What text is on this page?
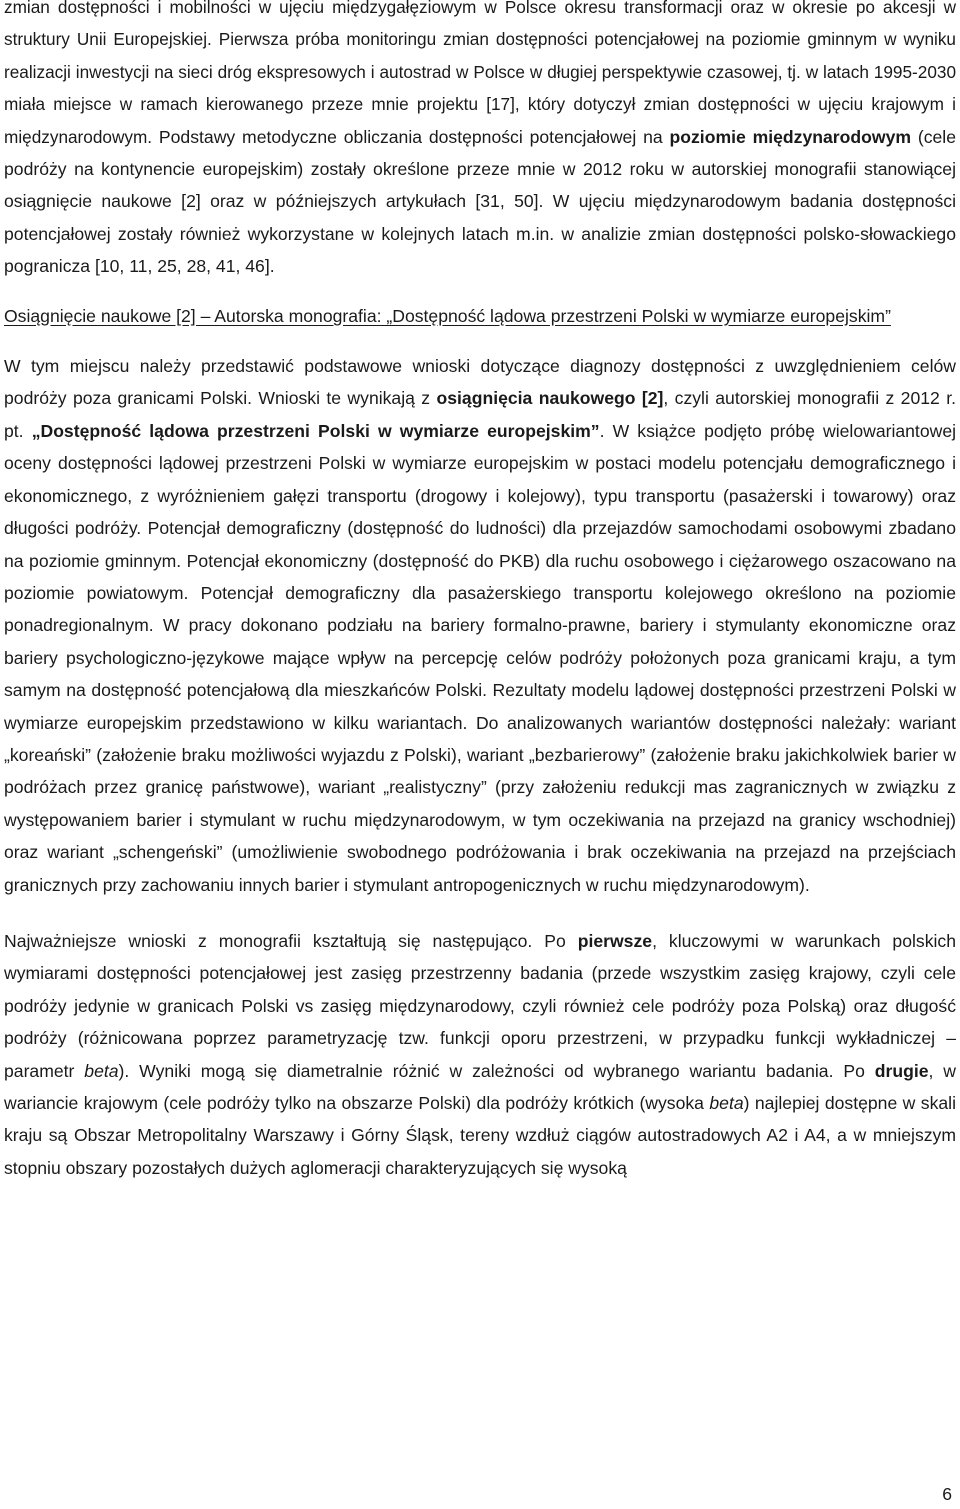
zmian dostępności i mobilności w ujęciu międzygałęziowym w Polsce okresu transformacji oraz w okresie po akcesji w struktury Unii Europejskiej. Pierwsza próba monitoringu zmian dostępności potencjałowej na poziomie gminnym w wyniku realizacji inwestycji na sieci dróg ekspresowych i autostrad w Polsce w długiej perspektywie czasowej, tj. w latach 1995-2030 miała miejsce w ramach kierowanego przeze mnie projektu [17], który dotyczył zmian dostępności w ujęciu krajowym i międzynarodowym. Podstawy metodyczne obliczania dostępności potencjałowej na poziomie międzynarodowym (cele podróży na kontynencie europejskim) zostały określone przeze mnie w 2012 roku w autorskiej monografii stanowiącej osiągnięcie naukowe [2] oraz w późniejszych artykułach [31, 50]. W ujęciu międzynarodowym badania dostępności potencjałowej zostały również wykorzystane w kolejnych latach m.in. w analizie zmian dostępności polsko-słowackiego pogranicza [10, 11, 25, 28, 41, 46].

Osiągnięcie naukowe [2] – Autorska monografia: „Dostępność lądowa przestrzeni Polski w wymiarze europejskim”

W tym miejscu należy przedstawić podstawowe wnioski dotyczące diagnozy dostępności z uwzględnieniem celów podróży poza granicami Polski. Wnioski te wynikają z osiągnięcia naukowego [2], czyli autorskiej monografii z 2012 r. pt. „Dostępność lądowa przestrzeni Polski w wymiarze europejskim”. W książce podjęto próbę wielowariantowej oceny dostępności lądowej przestrzeni Polski w wymiarze europejskim w postaci modelu potencjału demograficznego i ekonomicznego, z wyróżnieniem gałęzi transportu (drogowy i kolejowy), typu transportu (pasażerski i towarowy) oraz długości podróży. Potencjał demograficzny (dostępność do ludności) dla przejazdów samochodami osobowymi zbadano na poziomie gminnym. Potencjał ekonomiczny (dostępność do PKB) dla ruchu osobowego i ciężarowego oszacowano na poziomie powiatowym. Potencjał demograficzny dla pasażerskiego transportu kolejowego określono na poziomie ponadregionalnym. W pracy dokonano podziału na bariery formalno-prawne, bariery i stymulanty ekonomiczne oraz bariery psychologiczno-językowe mające wpływ na percepcję celów podróży położonych poza granicami kraju, a tym samym na dostępność potencjałową dla mieszkańców Polski. Rezultaty modelu lądowej dostępności przestrzeni Polski w wymiarze europejskim przedstawiono w kilku wariantach. Do analizowanych wariantów dostępności należały: wariant „koreański” (założenie braku możliwości wyjazdu z Polski), wariant „bezbarierowy” (założenie braku jakichkolwiek barier w podróżach przez granicę państwowe), wariant „realistyczny” (przy założeniu redukcji mas zagranicznych w związku z występowaniem barier i stymulant w ruchu międzynarodowym, w tym oczekiwania na przejazd na granicy wschodniej) oraz wariant „schengeński” (umożliwienie swobodnego podróżowania i brak oczekiwania na przejazd na przejściach granicznych przy zachowaniu innych barier i stymulant antropogenicznych w ruchu międzynarodowym).

Najważniejsze wnioski z monografii kształtują się następująco. Po pierwsze, kluczowymi w warunkach polskich wymiarami dostępności potencjałowej jest zasięg przestrzenny badania (przede wszystkim zasięg krajowy, czyli cele podróży jedynie w granicach Polski vs zasięg międzynarodowy, czyli również cele podróży poza Polską) oraz długość podróży (różnicowana poprzez parametryzację tzw. funkcji oporu przestrzeni, w przypadku funkcji wykładniczej – parametr beta). Wyniki mogą się diametralnie różnić w zależności od wybranego wariantu badania. Po drugie, w wariancie krajowym (cele podróży tylko na obszarze Polski) dla podróży krótkich (wysoka beta) najlepiej dostępne w skali kraju są Obszar Metropolitalny Warszawy i Górny Śląsk, tereny wzdłuż ciągów autostradowych A2 i A4, a w mniejszym stopniu obszary pozostałych dużych aglomeracji charakteryzujących się wysoką

6
